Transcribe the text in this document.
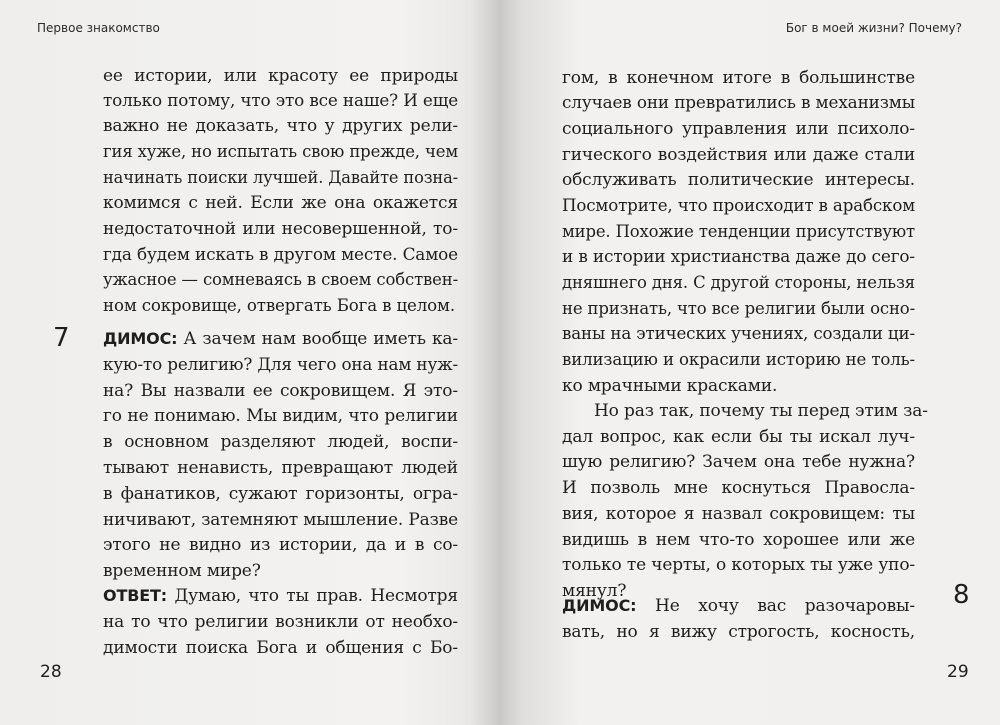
Первое знакомство
7
ее истории, или красоту ее природы
только потому, что это все наше? И еще
важно не доказать, что у других рели-
гия хуже, но испытать свою прежде, чем
начинать поиски лучшей. Давайте позна-
комимся с ней. Если же она окажется
недостаточной или несовершенной, то-
гда будем искать в другом месте. Самое
ужасное — сомневаясь в своем собствен-
ном сокровище, отвергать Бога в целом.
ДИМОС: А зачем нам вообще иметь ка-
кую-то религию? Для чего она нам нуж-
на? Вы назвали ее сокровищем. Я это-
го не понимаю. Мы видим, что религии
в основном разделяют людей, воспи-
тывают ненависть, превращают людей
в фанатиков, сужают горизонты, огра-
ничивают, затемняют мышление. Разве
этого не видно из истории, да и в со-
временном мире?
ОТВЕТ: Думаю, что ты прав. Несмотря
на то что религии возникли от необхо-
димости поиска Бога и общения с Бо-
28
Бог в моей жизни? Почему?
8
гом, в конечном итоге в большинстве
случаев они превратились в механизмы
социального управления или психоло-
гического воздействия или даже стали
обслуживать политические интересы.
Посмотрите, что происходит в арабском
мире. Похожие тенденции присутствуют
и в истории христианства даже до сего-
дняшнего дня. С другой стороны, нельзя
не признать, что все религии были осно-
ваны на этических учениях, создали ци-
вилизацию и окрасили историю не толь-
ко мрачными красками.
Но раз так, почему ты перед этим за-
дал вопрос, как если бы ты искал луч-
шую религию? Зачем она тебе нужна?
И позволь мне коснуться Правосла-
вия, которое я назвал сокровищем: ты
видишь в нем что-то хорошее или же
только те черты, о которых ты уже упо-
мянул?
ДИМОС: Не хочу вас разочаровы-
вать, но я вижу строгость, косность,
29
